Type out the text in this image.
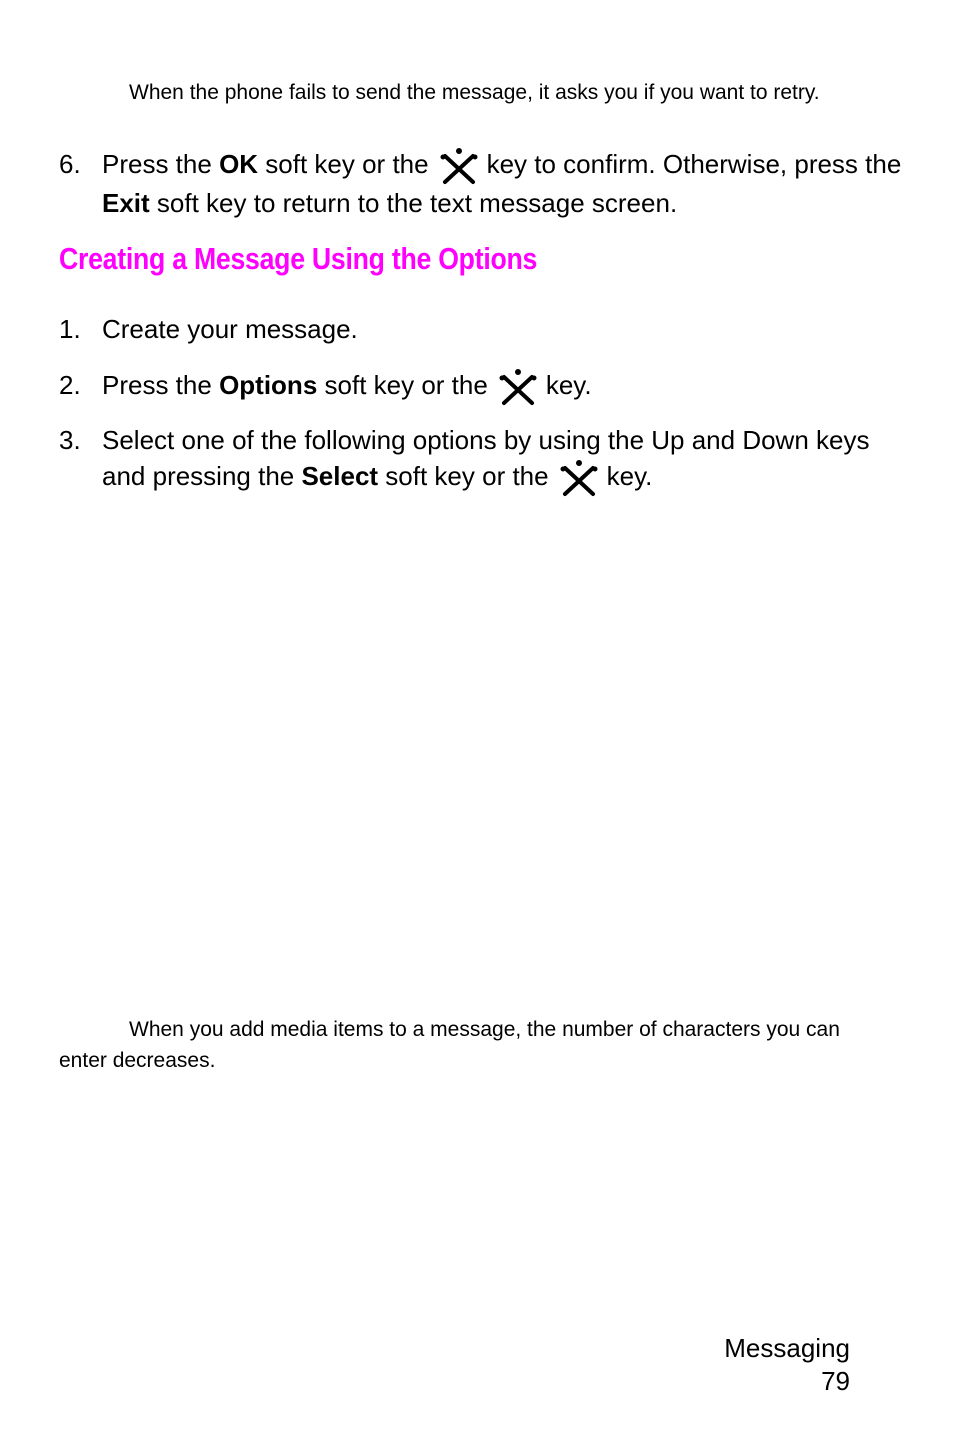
When the phone fails to send the message, it asks you if you want to retry.

6. Press the OK soft key or the key to confirm. Otherwise, press the Exit soft key to return to the text message screen.
Creating a Message Using the Options
1. Create your message.
2. Press the Options soft key or the key.
3. Select one of the following options by using the Up and Down keys and pressing the Select soft key or the key.

When you add media items to a message, the number of characters you can enter decreases.

Messaging
79
